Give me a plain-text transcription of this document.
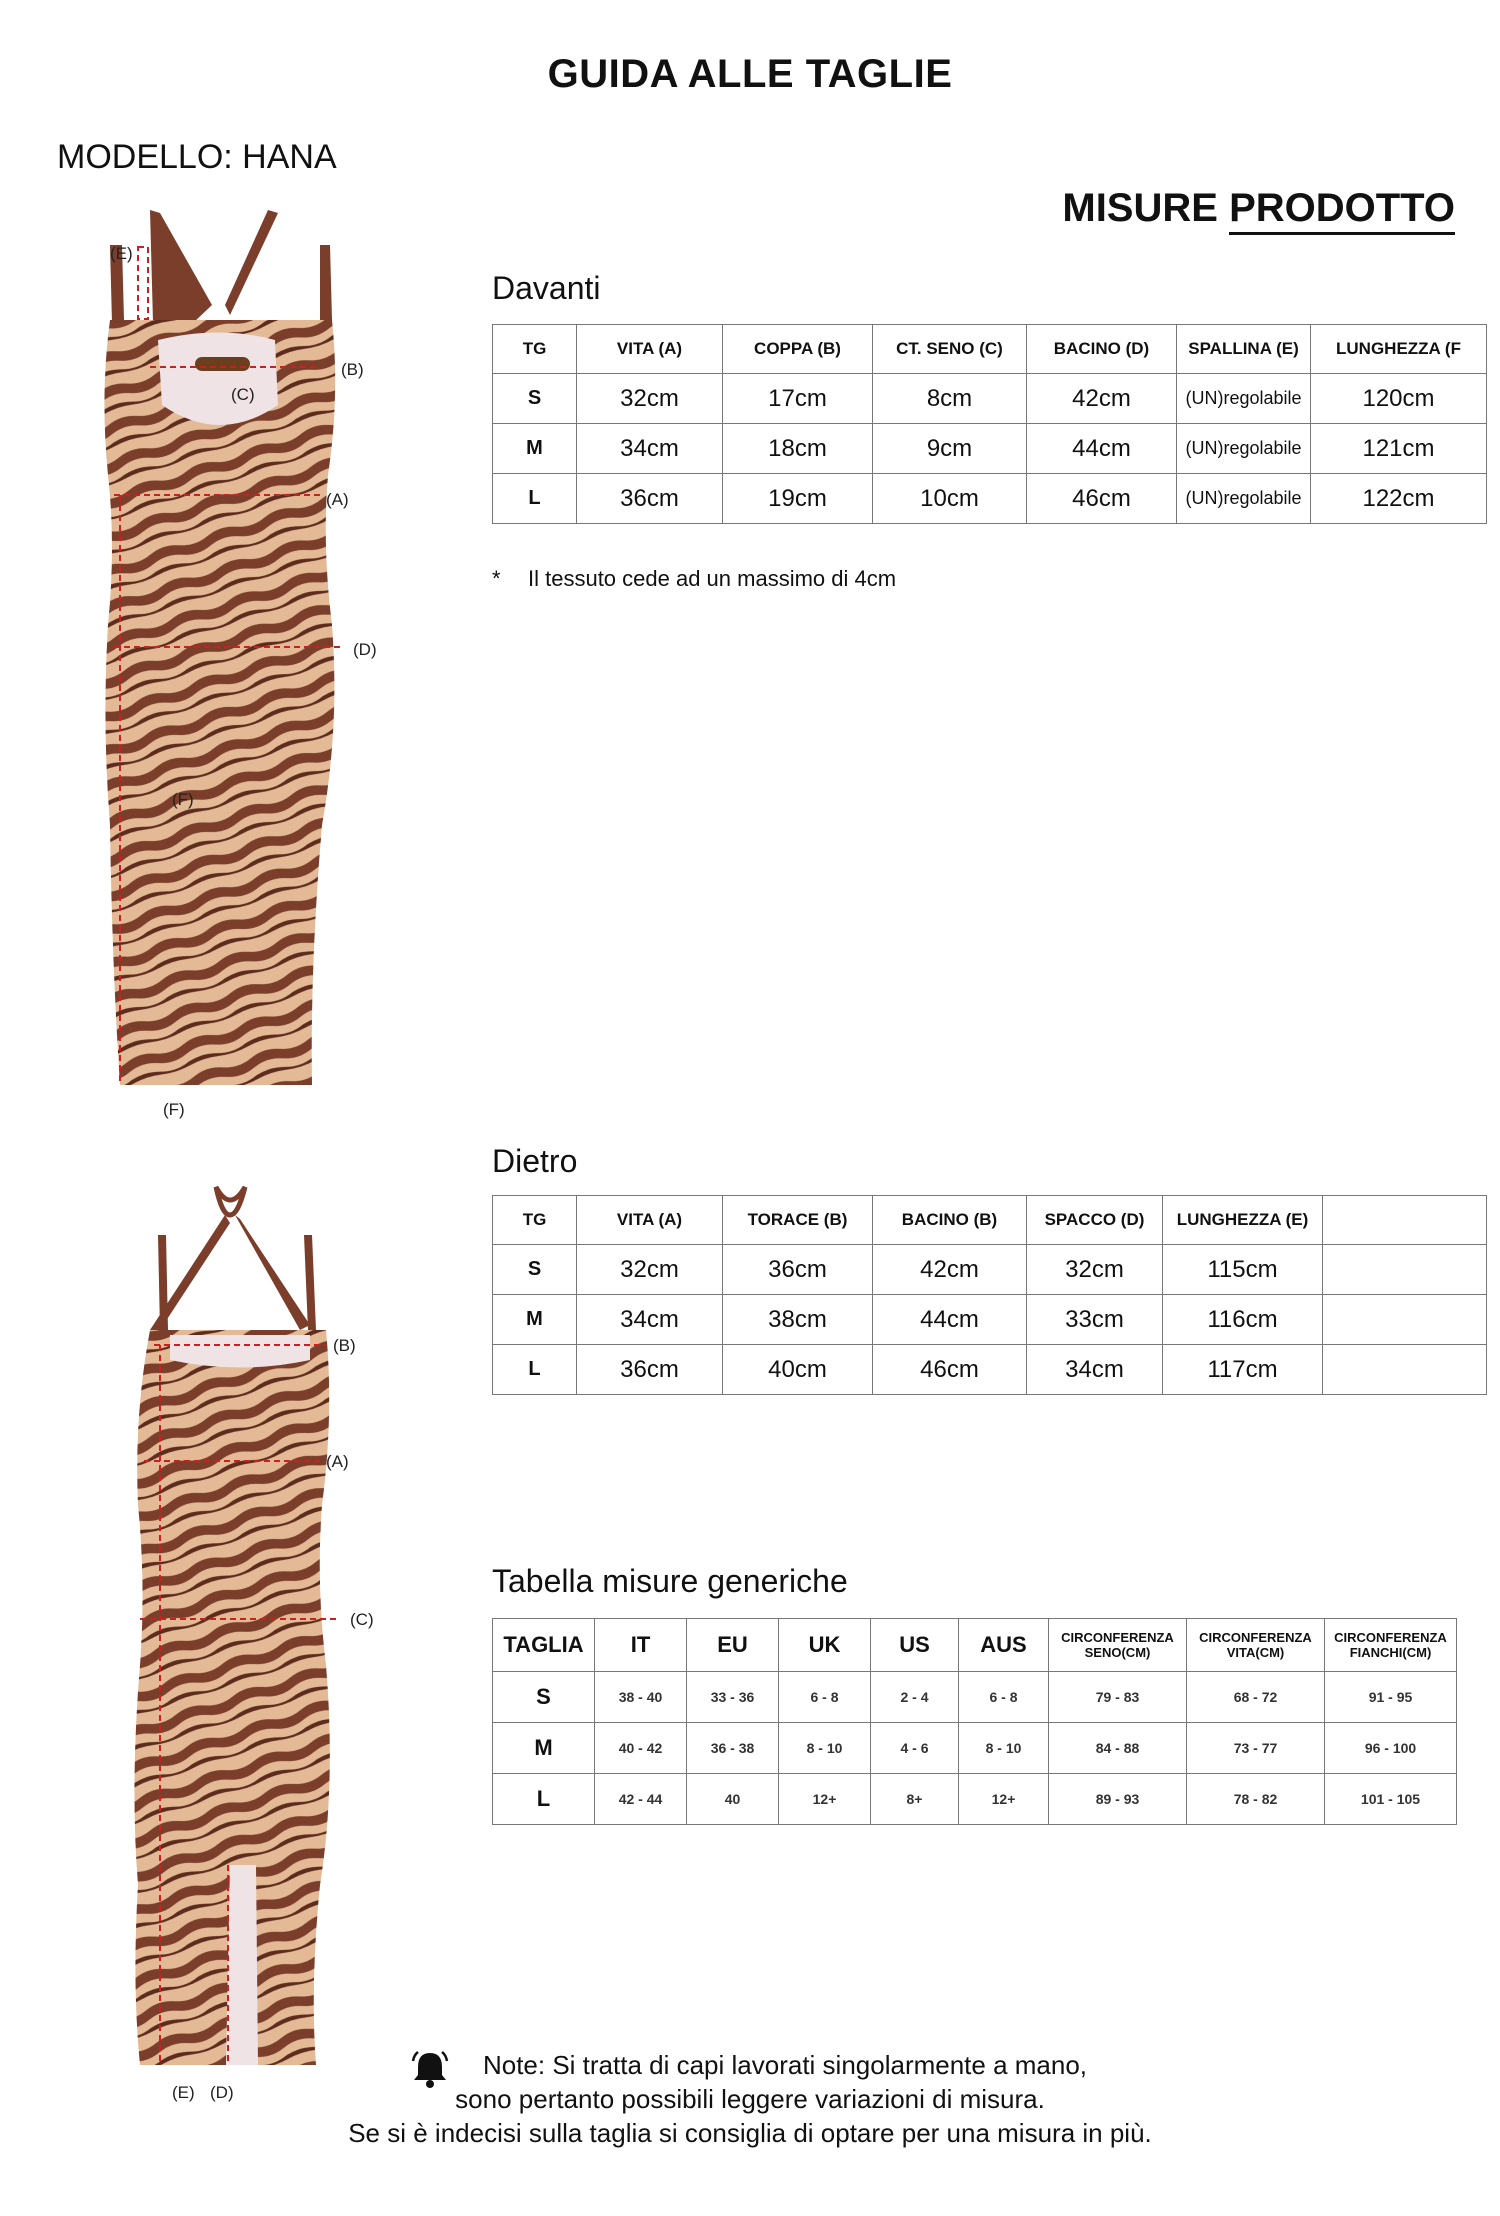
GUIDA ALLE TAGLIE
MODELLO: HANA
MISURE PRODOTTO
(E)
(B)
(C)
(A)
(D)
(F)
(F)
(B)
(A)
(C)
(E) (D)
Davanti
TG	VITA (A)	COPPA (B)	CT. SENO (C)	BACINO (D)	SPALLINA (E)	LUNGHEZZA (F
S	32cm	17cm	8cm	42cm	(UN)regolabile	120cm
M	34cm	18cm	9cm	44cm	(UN)regolabile	121cm
L	36cm	19cm	10cm	46cm	(UN)regolabile	122cm
* Il tessuto cede ad un massimo di 4cm
Dietro
TG	VITA (A)	TORACE (B)	BACINO (B)	SPACCO (D)	LUNGHEZZA (E)	
S	32cm	36cm	42cm	32cm	115cm	
M	34cm	38cm	44cm	33cm	116cm	
L	36cm	40cm	46cm	34cm	117cm	
Tabella misure generiche
TAGLIA	IT	EU	UK	US	AUS	CIRCONFERENZA SENO(CM)	CIRCONFERENZA VITA(CM)	CIRCONFERENZA FIANCHI(CM)
S	38 - 40	33 - 36	6 - 8	2 - 4	6 - 8	79 - 83	68 - 72	91 - 95
M	40 - 42	36 - 38	8 - 10	4 - 6	8 - 10	84 - 88	73 - 77	96 - 100
L	42 - 44	40	12+	8+	12+	89 - 93	78 - 82	101 - 105
Note: Si tratta di capi lavorati singolarmente a mano,
sono pertanto possibili leggere variazioni di misura.
Se si è indecisi sulla taglia si consiglia di optare per una misura in più.
